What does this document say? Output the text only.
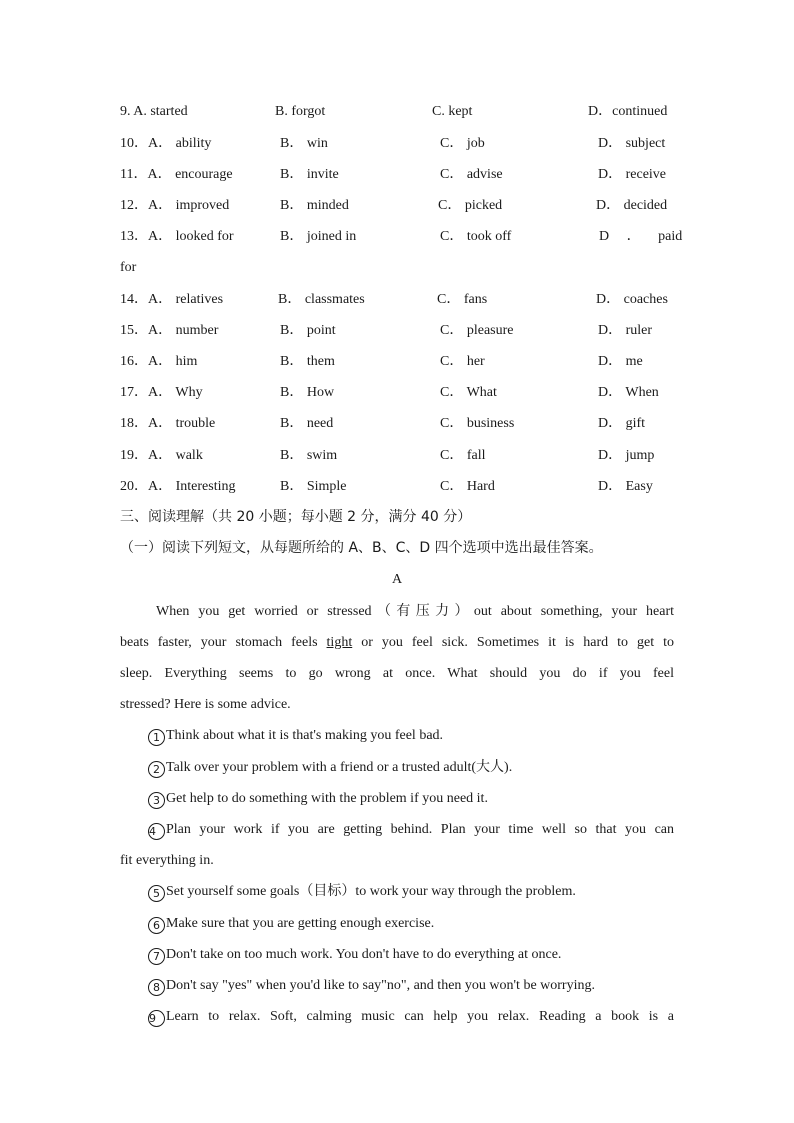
9. A. started	B. forgot	C. kept	D．continued
10．A． ability	B． win	C． job	D． subject
11．A． encourage	B． invite	C． advise	D． receive
12．A． improved	B． minded	C． picked	D． decided
13．A． looked for	B． joined in	C． took off	D ． paid
for
14．A． relatives	B． classmates	C． fans	D． coaches
15．A． number	B． point	C． pleasure	D． ruler
16．A． him	B． them	C． her	D． me
17．A． Why	B． How	C． What	D． When
18．A． trouble	B． need	C． business	D． gift
19．A． walk	B． swim	C． fall	D． jump
20．A． Interesting	B． Simple	C． Hard	D． Easy
三、阅读理解（共 20 小题；每小题 2 分，满分 40 分）
（一）阅读下列短文，从每题所给的 A、B、C、D 四个选项中选出最佳答案。
A
When you get worried or stressed（有压力）out about something, your heart
beats faster, your stomach feels tight or you feel sick. Sometimes it is hard to get to
sleep. Everything seems to go wrong at once. What should you do if you feel
stressed? Here is some advice.
1 Think about what it is that's making you feel bad.
2 Talk over your problem with a friend or a trusted adult(大人).
3 Get help to do something with the problem if you need it.
4 Plan your work if you are getting behind. Plan your time well so that you can
fit everything in.
5 Set yourself some goals（目标）to work your way through the problem.
6 Make sure that you are getting enough exercise.
7 Don't take on too much work. You don't have to do everything at once.
8 Don't say "yes" when you'd like to say"no", and then you won't be worrying.
9 Learn to relax. Soft, calming music can help you relax. Reading a book is a
